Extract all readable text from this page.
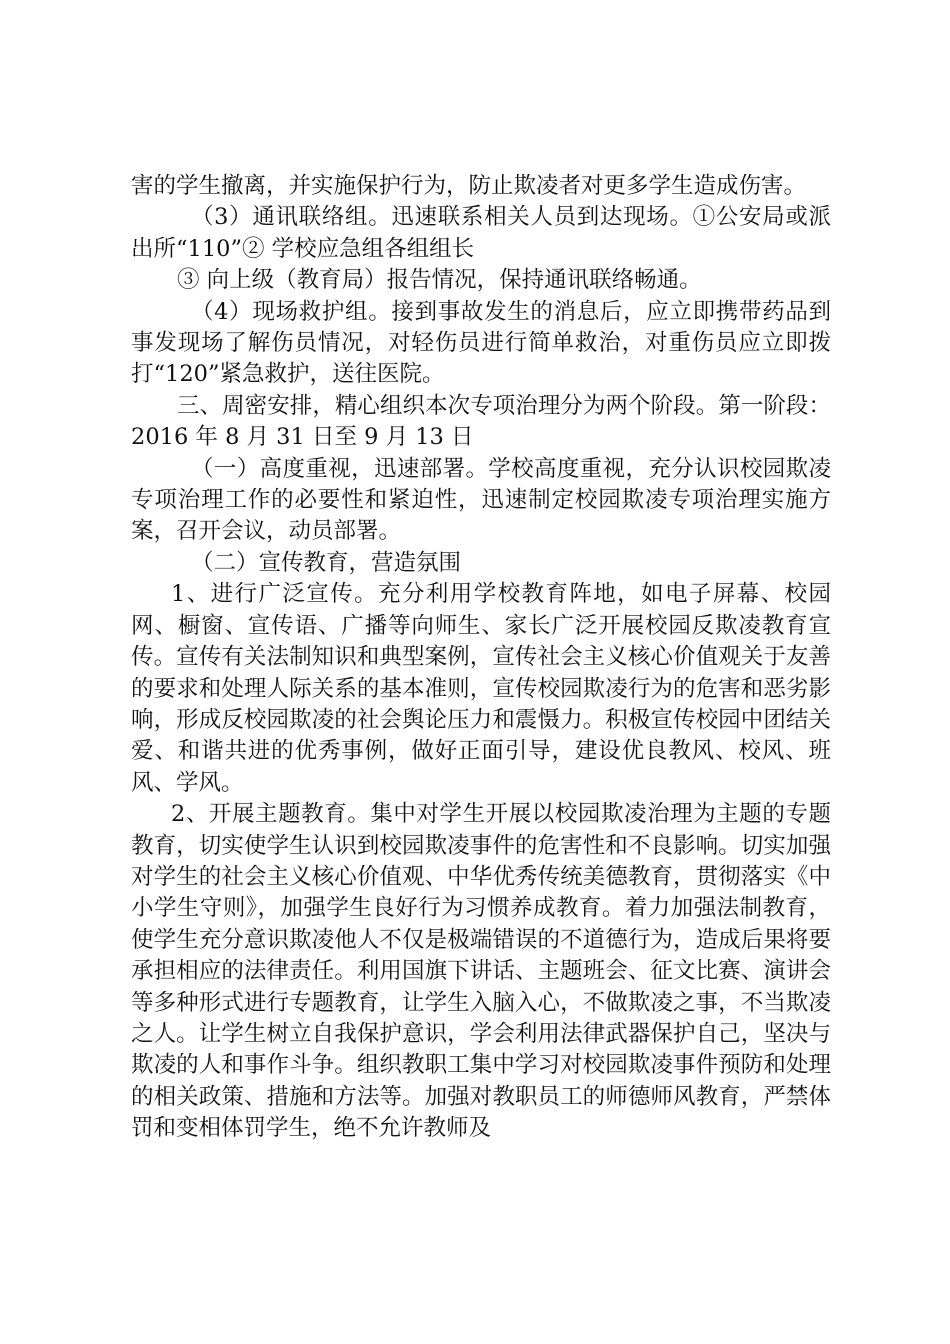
害的学生撤离，并实施保护行为，防止欺凌者对更多学生造成伤害。

（3）通讯联络组。迅速联系相关人员到达现场。①公安局或派出所“110”② 学校应急组各组组长

③ 向上级（教育局）报告情况，保持通讯联络畅通。

（4）现场救护组。接到事故发生的消息后，应立即携带药品到事发现场了解伤员情况，对轻伤员进行简单救治，对重伤员应立即拨打“120”紧急救护，送往医院。

三、周密安排，精心组织本次专项治理分为两个阶段。第一阶段：2016 年 8 月 31 日至 9 月 13 日

（一）高度重视，迅速部署。学校高度重视，充分认识校园欺凌专项治理工作的必要性和紧迫性，迅速制定校园欺凌专项治理实施方案，召开会议，动员部署。

（二）宣传教育，营造氛围

1、进行广泛宣传。充分利用学校教育阵地，如电子屏幕、校园网、橱窗、宣传语、广播等向师生、家长广泛开展校园反欺凌教育宣传。宣传有关法制知识和典型案例，宣传社会主义核心价值观关于友善的要求和处理人际关系的基本准则，宣传校园欺凌行为的危害和恶劣影响，形成反校园欺凌的社会舆论压力和震慑力。积极宣传校园中团结关爱、和谐共进的优秀事例，做好正面引导，建设优良教风、校风、班风、学风。

2、开展主题教育。集中对学生开展以校园欺凌治理为主题的专题教育，切实使学生认识到校园欺凌事件的危害性和不良影响。切实加强对学生的社会主义核心价值观、中华优秀传统美德教育，贯彻落实《中小学生守则》，加强学生良好行为习惯养成教育。着力加强法制教育，使学生充分意识欺凌他人不仅是极端错误的不道德行为，造成后果将要承担相应的法律责任。利用国旗下讲话、主题班会、征文比赛、演讲会等多种形式进行专题教育，让学生入脑入心，不做欺凌之事，不当欺凌之人。让学生树立自我保护意识，学会利用法律武器保护自己，坚决与欺凌的人和事作斗争。组织教职工集中学习对校园欺凌事件预防和处理的相关政策、措施和方法等。加强对教职员工的师德师风教育，严禁体罚和变相体罚学生，绝不允许教师及
